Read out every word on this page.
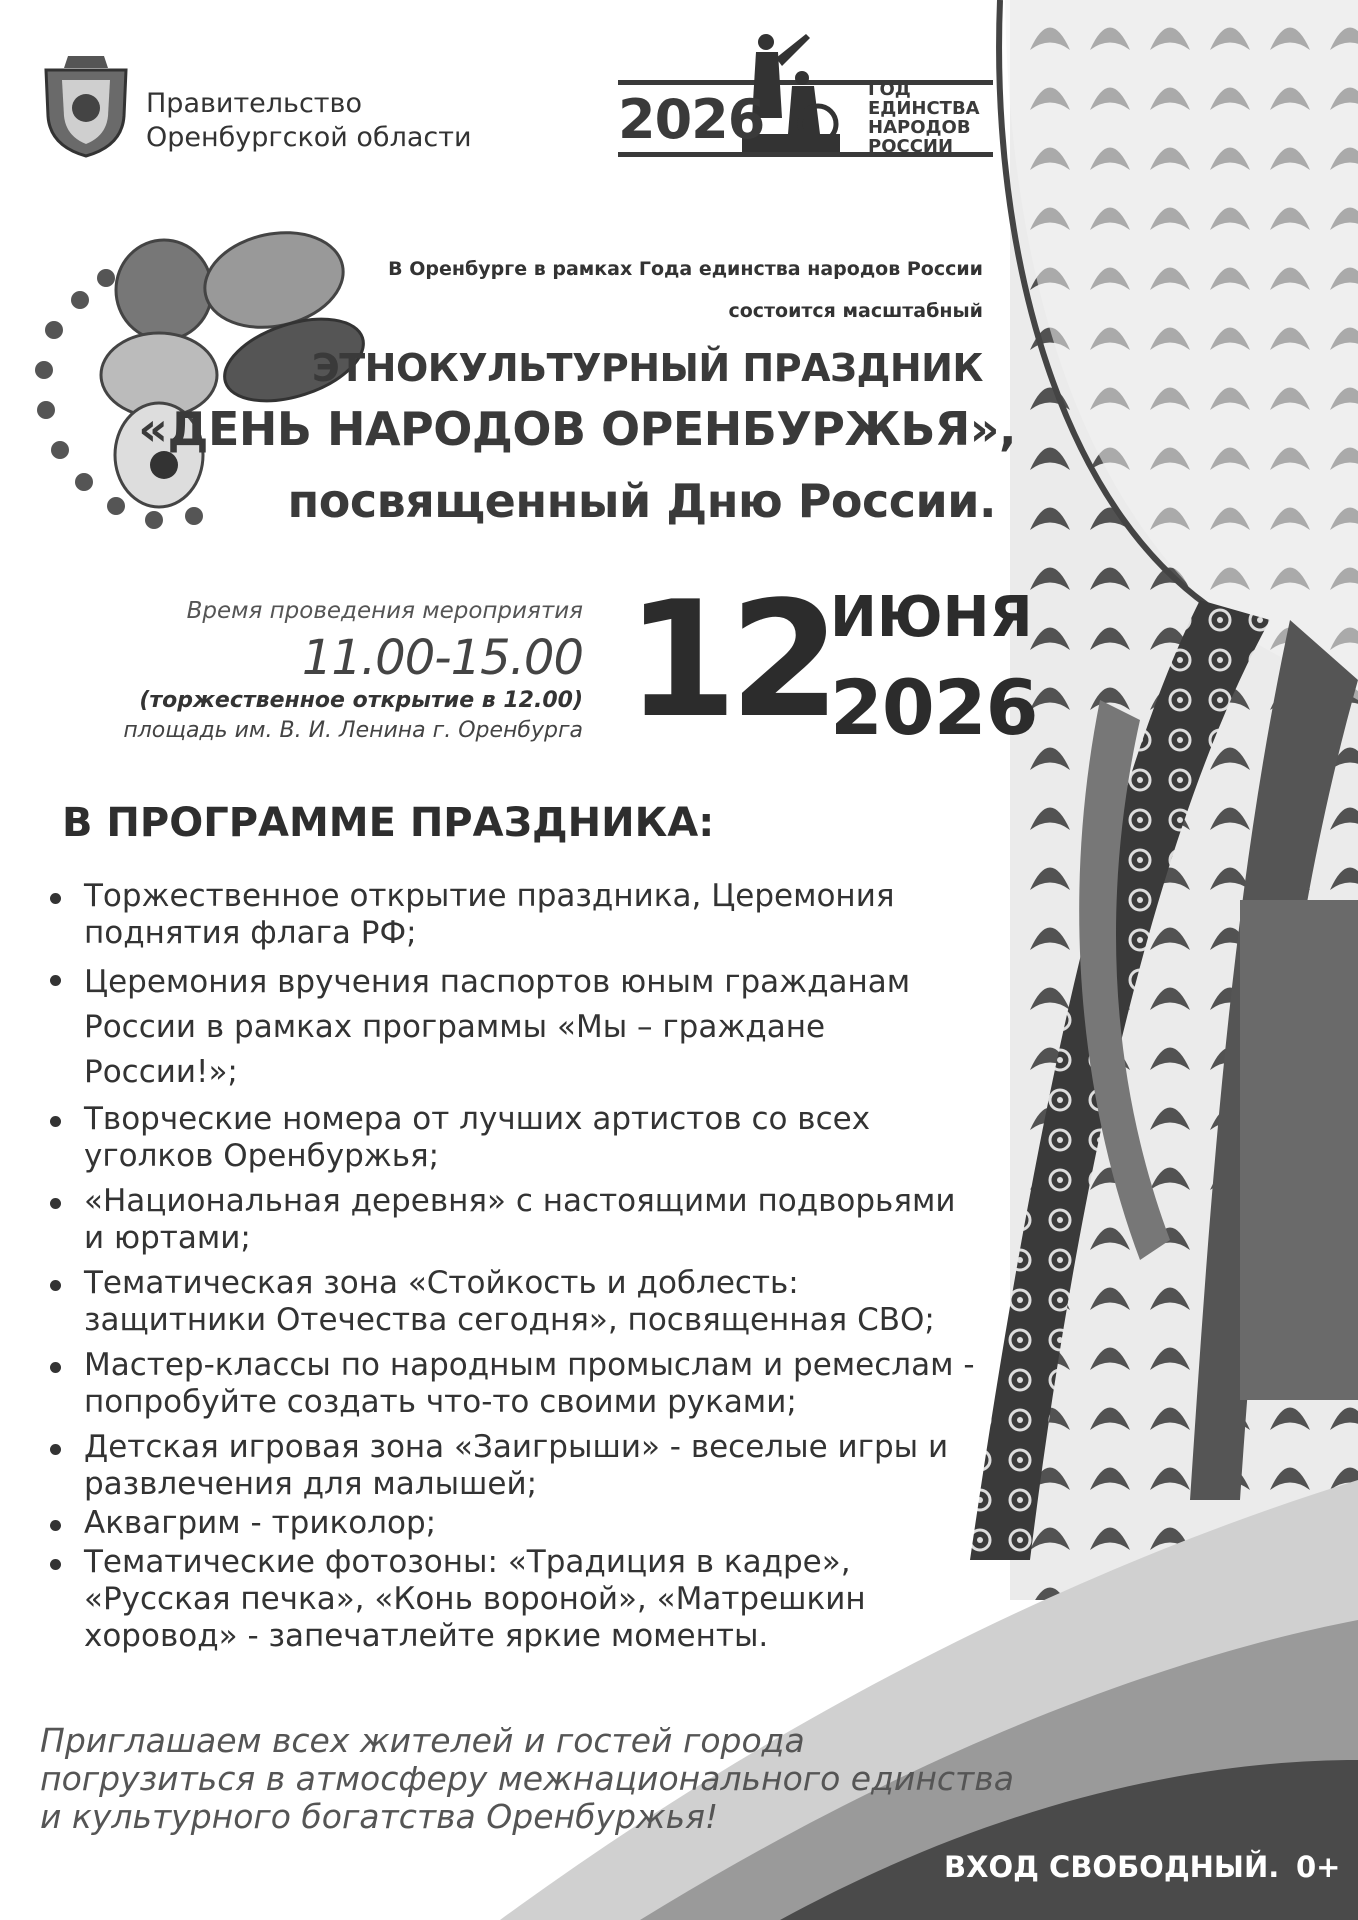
Правительство
Оренбургской области	2026	ГОД
ЕДИНСТВА
НАРОДОВ
РОССИИ
В Оренбурге в рамках Года единства народов России
состоится масштабный
ЭТНОКУЛЬТУРНЫЙ ПРАЗДНИК
«ДЕНЬ НАРОДОВ ОРЕНБУРЖЬЯ»,
посвященный Дню России.
Время проведения мероприятия
11.00-15.00
(торжественное открытие в 12.00)
площадь им. В. И. Ленина г. Оренбурга 12
ИЮНЯ
2026
В ПРОГРАММЕ ПРАЗДНИКА:
Торжественное открытие праздника, Церемония поднятия флага РФ;
Церемония вручения паспортов юным гражданам России в рамках программы «Мы – граждане России!»;
Творческие номера от лучших артистов со всех уголков Оренбуржья;
«Национальная деревня» с настоящими подворьями и юртами;
Тематическая зона «Стойкость и доблесть: защитники Отечества сегодня», посвященная СВО;
Мастер-классы по народным промыслам и ремеслам - попробуйте создать что-то своими руками;
Детская игровая зона «Заигрыши» - веселые игры и развлечения для малышей;
Аквагрим - триколор;
Тематические фотозоны: «Традиция в кадре», «Русская печка», «Конь вороной», «Матрешкин хоровод» - запечатлейте яркие моменты.
Приглашаем всех жителей и гостей города
погрузиться в атмосферу межнационального единства
и культурного богатства Оренбуржья!
ВХОД СВОБОДНЫЙ. 0+
